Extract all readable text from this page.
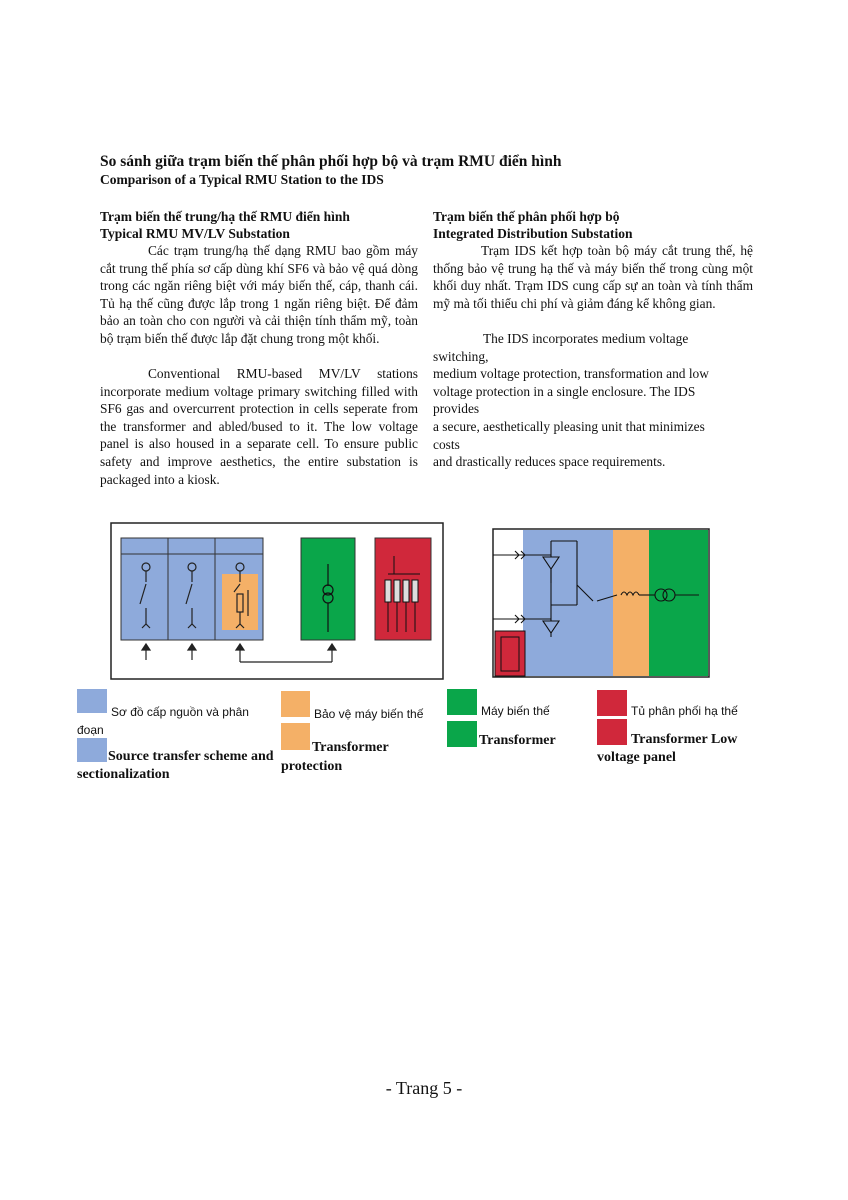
So sánh giữa trạm biến thế phân phối hợp bộ và trạm RMU điển hình
Comparison of a Typical RMU Station to the IDS
Trạm biến thế trung/hạ thế RMU điển hình
Typical RMU MV/LV Substation
Các trạm trung/hạ thế dạng RMU bao gồm máy cắt trung thế phía sơ cấp dùng khí SF6 và bảo vệ quá dòng trong các ngăn riêng biệt với máy biến thế, cáp, thanh cái. Tủ hạ thế cũng được lắp trong 1 ngăn riêng biệt. Để đảm bảo an toàn cho con người và cải thiện tính thẩm mỹ, toàn bộ trạm biến thế được lắp đặt chung trong một khối.
Conventional RMU-based MV/LV stations incorporate medium voltage primary switching filled with SF6 gas and overcurrent protection in cells seperate from the transformer and abled/bused to it. The low voltage panel is also housed in a separate cell. To ensure public safety and improve aesthetics, the entire substation is packaged into a kiosk.
Trạm biến thế phân phối hợp bộ
Integrated Distribution Substation
Trạm IDS kết hợp toàn bộ máy cắt trung thế, hệ thống bảo vệ trung hạ thế và máy biến thế trong cùng một khối duy nhất. Trạm IDS cung cấp sự an toàn và tính thẩm mỹ mà tối thiểu chi phí và giảm đáng kể không gian.
The IDS incorporates medium voltage
switching,
medium voltage protection, transformation and low
voltage protection in a single enclosure. The IDS
provides
a secure, aesthetically pleasing unit that minimizes
costs
and drastically reduces space requirements.
Sơ đồ cấp nguồn và phân đoạn
Source transfer scheme and sectionalization
Bảo vệ máy biến thế
Transformer protection
Máy biến thế
Transformer
Tủ phân phối hạ thế
Transformer Low voltage panel
- Trang 5 -
